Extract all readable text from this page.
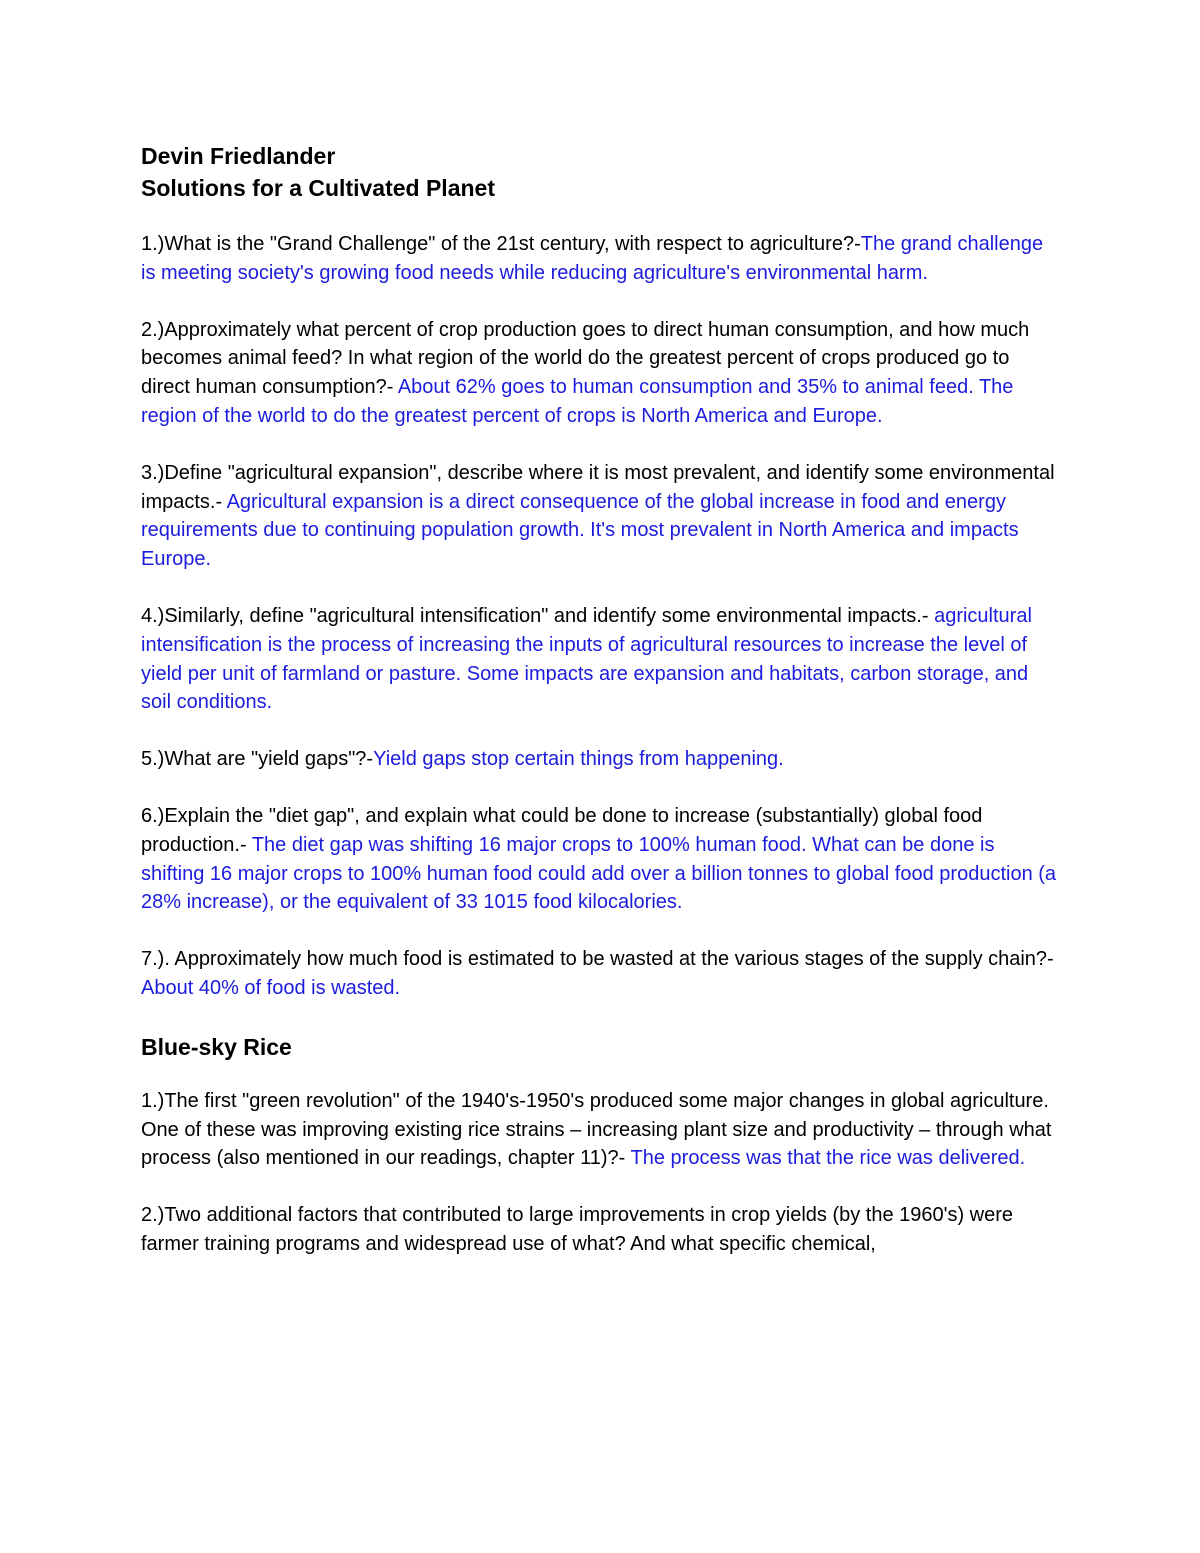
Devin Friedlander

Solutions for a Cultivated Planet

1.)What is the "Grand Challenge" of the 21st century, with respect to agriculture?-The grand challenge is meeting society's growing food needs while reducing agriculture's environmental harm.

2.)Approximately what percent of crop production goes to direct human consumption, and how much becomes animal feed? In what region of the world do the greatest percent of crops produced go to direct human consumption?- About 62% goes to human consumption and 35% to animal feed. The region of the world to do the greatest percent of crops is North America and Europe.

3.)Define "agricultural expansion", describe where it is most prevalent, and identify some environmental impacts.- Agricultural expansion is a direct consequence of the global increase in food and energy requirements due to continuing population growth. It's most prevalent in North America and impacts Europe.

4.)Similarly, define "agricultural intensification" and identify some environmental impacts.- agricultural intensification is the process of increasing the inputs of agricultural resources to increase the level of yield per unit of farmland or pasture. Some impacts are expansion and habitats, carbon storage, and soil conditions.

5.)What are "yield gaps"?-Yield gaps stop certain things from happening.

6.)Explain the "diet gap", and explain what could be done to increase (substantially) global food production.- The diet gap was shifting 16 major crops to 100% human food. What can be done is shifting 16 major crops to 100% human food could add over a billion tonnes to global food production (a 28% increase), or the equivalent of 33 1015 food kilocalories.

7.). Approximately how much food is estimated to be wasted at the various stages of the supply chain?- About 40% of food is wasted.

Blue-sky Rice

1.)The first "green revolution" of the 1940's-1950's produced some major changes in global agriculture. One of these was improving existing rice strains – increasing plant size and productivity – through what process (also mentioned in our readings, chapter 11)?- The process was that the rice was delivered.

2.)Two additional factors that contributed to large improvements in crop yields (by the 1960's) were farmer training programs and widespread use of what? And what specific chemical,
